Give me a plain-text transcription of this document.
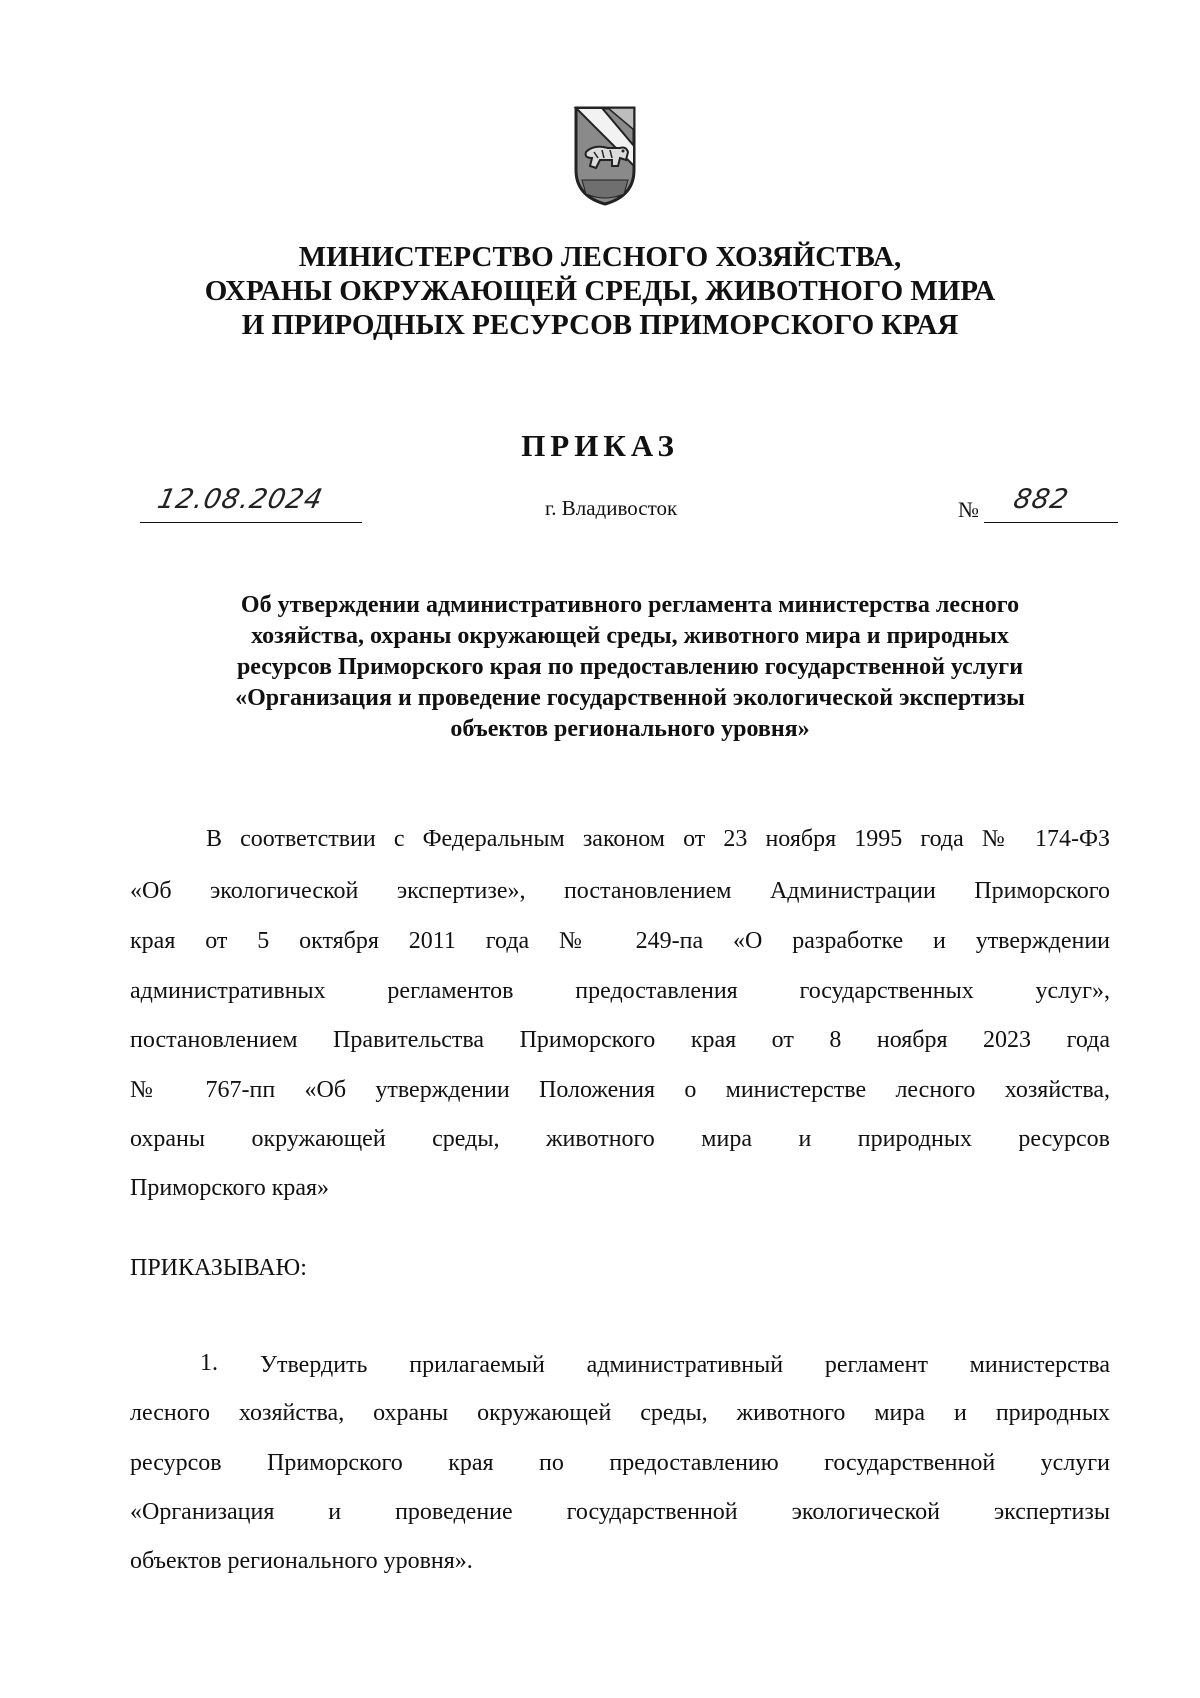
МИНИСТЕРСТВО ЛЕСНОГО ХОЗЯЙСТВА,
ОХРАНЫ ОКРУЖАЮЩЕЙ СРЕДЫ, ЖИВОТНОГО МИРА
И ПРИРОДНЫХ РЕСУРСОВ ПРИМОРСКОГО КРАЯ
ПРИКАЗ
12.08.2024	г. Владивосток	№ 882
Об утверждении административного регламента министерства лесного
хозяйства, охраны окружающей среды, животного мира и природных
ресурсов Приморского края по предоставлению государственной услуги
«Организация и проведение государственной экологической экспертизы
объектов регионального уровня»
В соответствии с Федеральным законом от 23 ноября 1995 года № 174-ФЗ
«Об экологической экспертизе», постановлением Администрации Приморского
края от 5 октября 2011 года № 249-па «О разработке и утверждении
административных регламентов предоставления государственных услуг»,
постановлением Правительства Приморского края от 8 ноября 2023 года
№ 767-пп «Об утверждении Положения о министерстве лесного хозяйства,
охраны окружающей среды, животного мира и природных ресурсов
Приморского края»
ПРИКАЗЫВАЮ:
1. Утвердить прилагаемый административный регламент министерства
лесного хозяйства, охраны окружающей среды, животного мира и природных
ресурсов Приморского края по предоставлению государственной услуги
«Организация и проведение государственной экологической экспертизы
объектов регионального уровня».
